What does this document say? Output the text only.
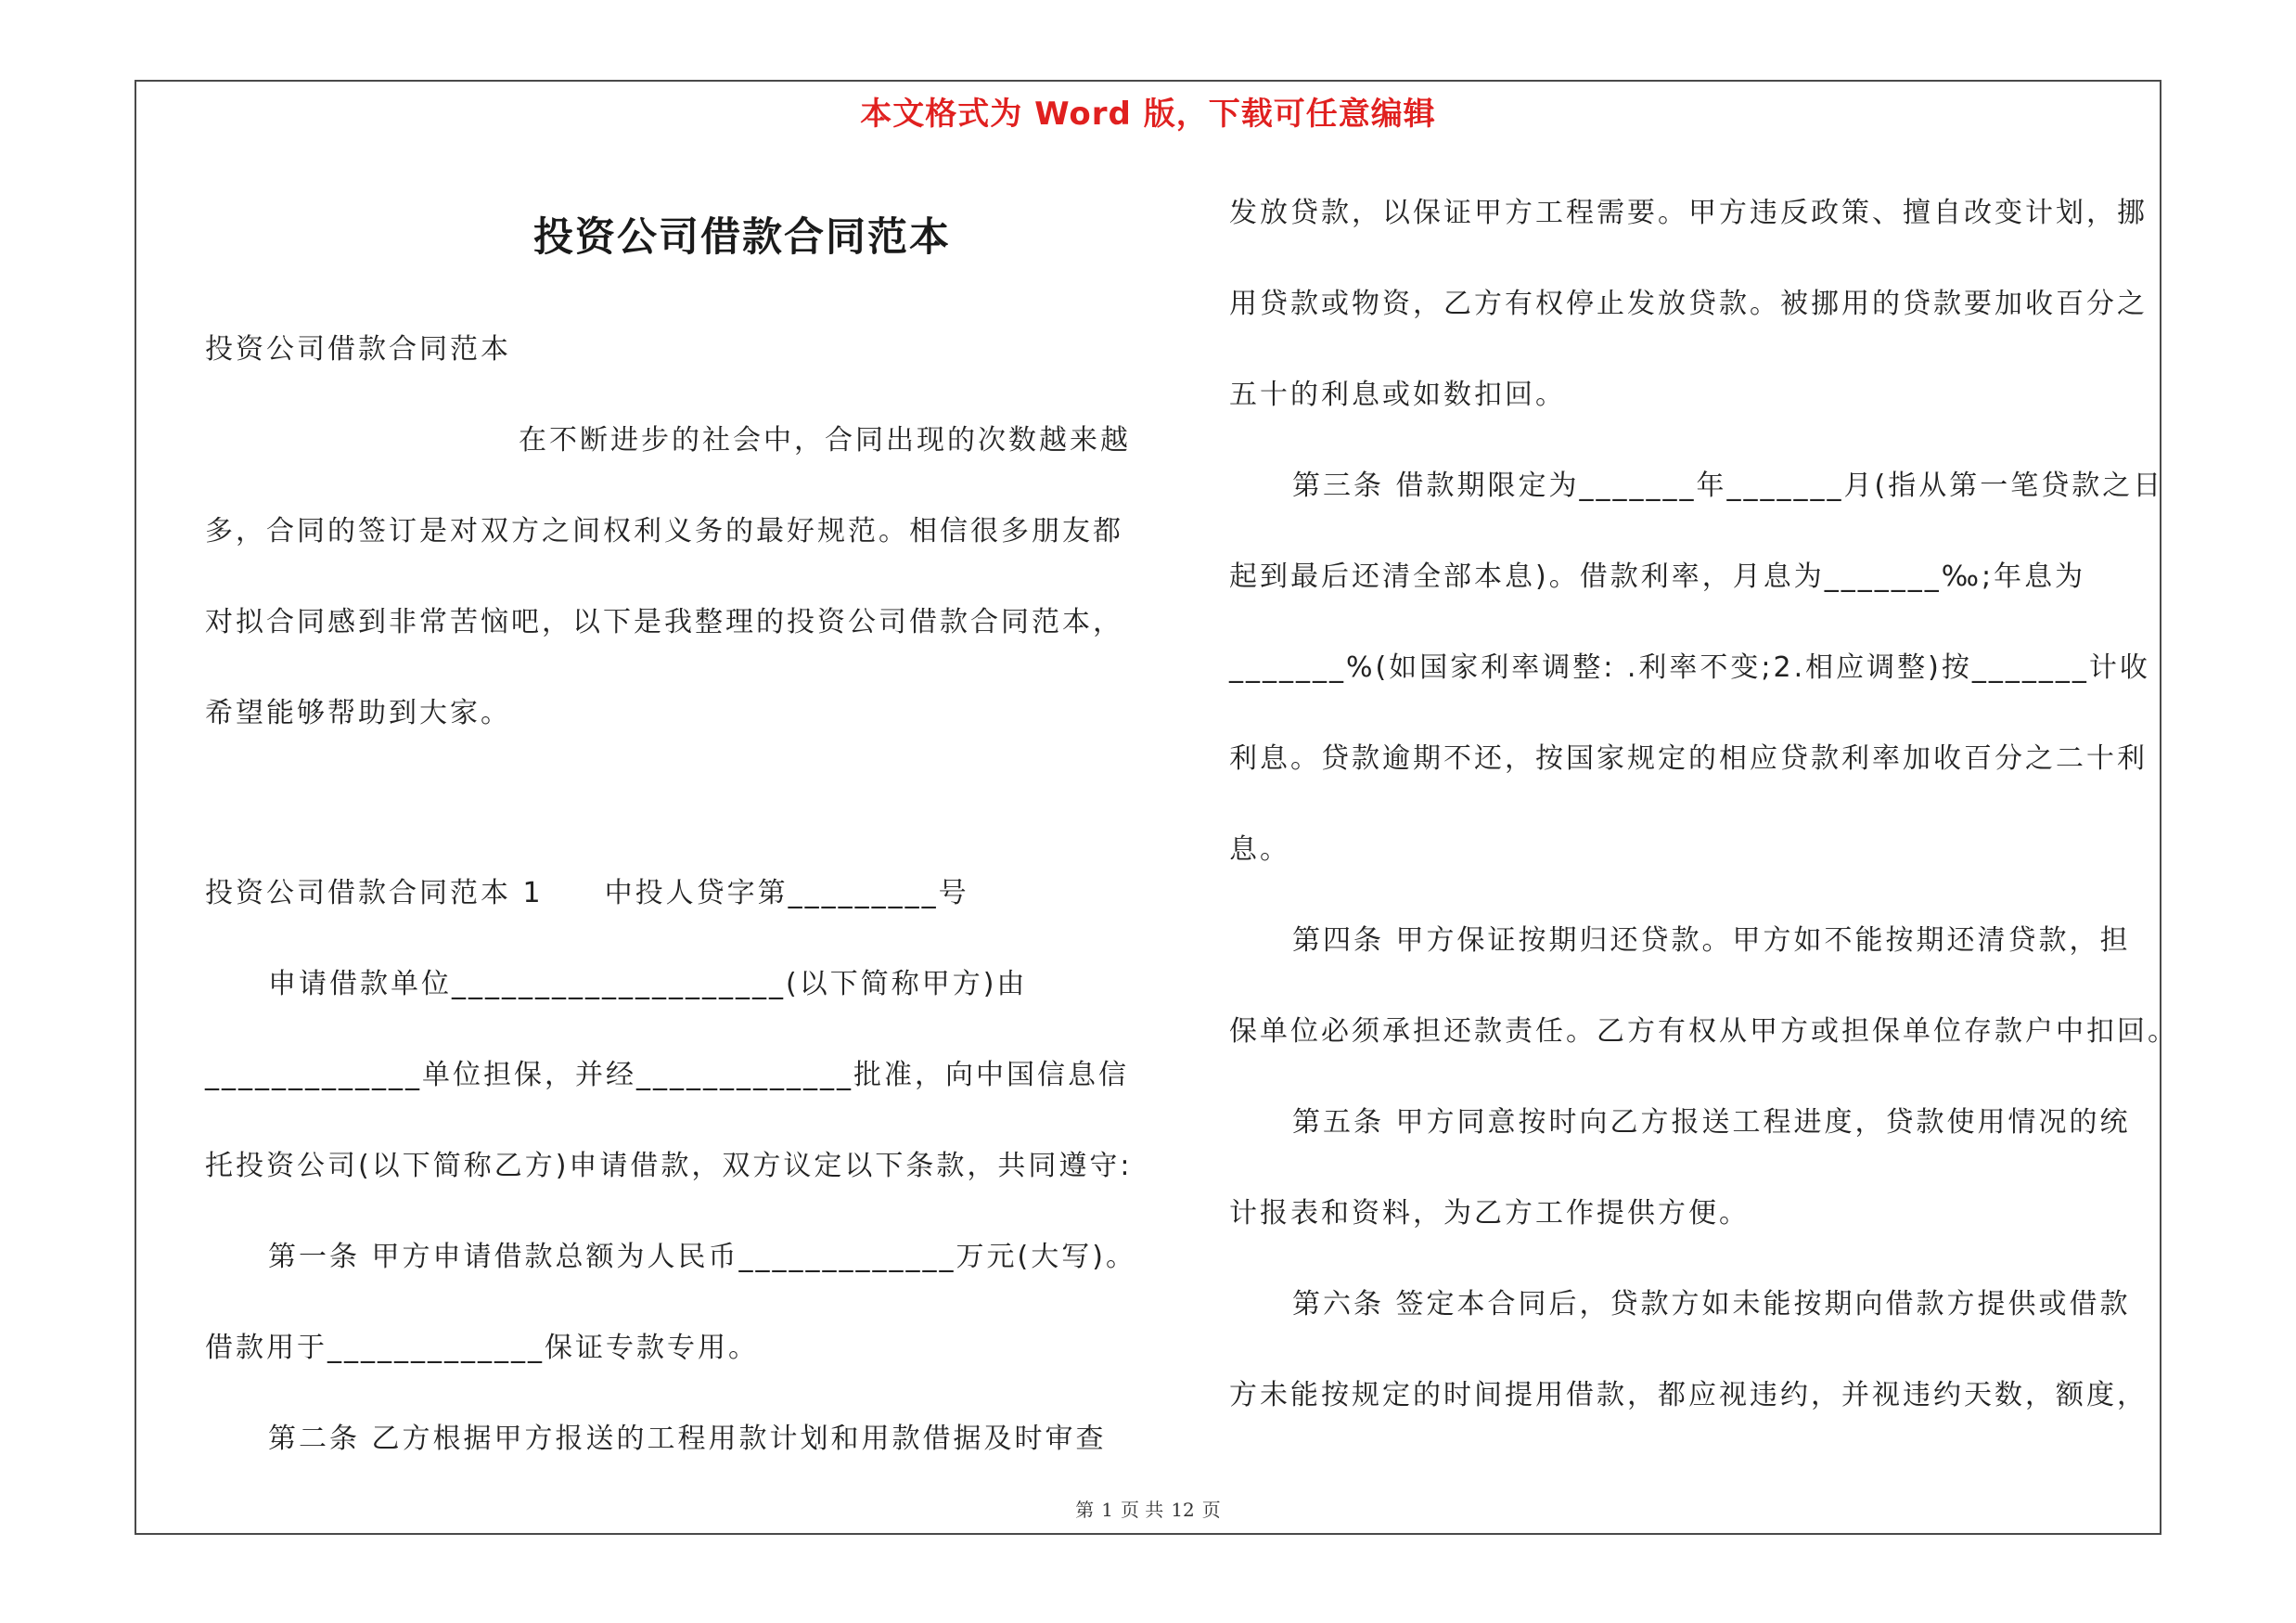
本文格式为 Word 版，下载可任意编辑
投资公司借款合同范本
投资公司借款合同范本
在不断进步的社会中，合同出现的次数越来越
多，合同的签订是对双方之间权利义务的最好规范。相信很多朋友都
对拟合同感到非常苦恼吧，以下是我整理的投资公司借款合同范本，
希望能够帮助到大家。
投资公司借款合同范本 1　　中投人贷字第_________号
申请借款单位____________________(以下简称甲方)由
_____________单位担保，并经_____________批准，向中国信息信
托投资公司(以下简称乙方)申请借款，双方议定以下条款，共同遵守:
第一条 甲方申请借款总额为人民币_____________万元(大写)。
借款用于_____________保证专款专用。
第二条 乙方根据甲方报送的工程用款计划和用款借据及时审查
发放贷款，以保证甲方工程需要。甲方违反政策、擅自改变计划，挪
用贷款或物资，乙方有权停止发放贷款。被挪用的贷款要加收百分之
五十的利息或如数扣回。
第三条 借款期限定为_______年_______月(指从第一笔贷款之日
起到最后还清全部本息)。借款利率，月息为_______‰;年息为
_______%(如国家利率调整: .利率不变;2.相应调整)按_______计收
利息。贷款逾期不还，按国家规定的相应贷款利率加收百分之二十利
息。
第四条 甲方保证按期归还贷款。甲方如不能按期还清贷款，担
保单位必须承担还款责任。乙方有权从甲方或担保单位存款户中扣回。
第五条 甲方同意按时向乙方报送工程进度，贷款使用情况的统
计报表和资料，为乙方工作提供方便。
第六条 签定本合同后，贷款方如未能按期向借款方提供或借款
方未能按规定的时间提用借款，都应视违约，并视违约天数，额度，
第 1 页 共 12 页
